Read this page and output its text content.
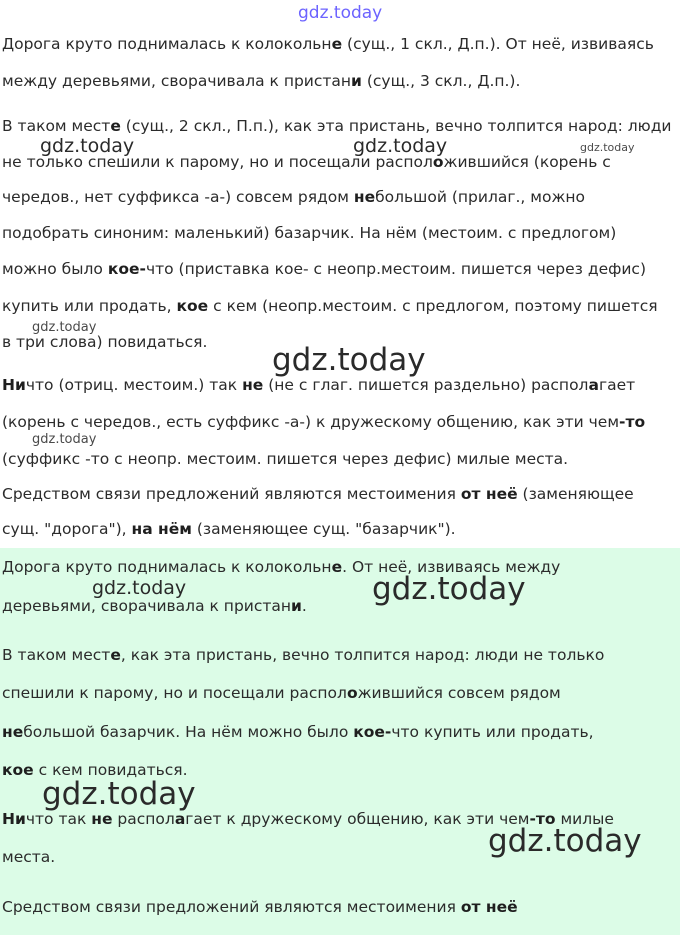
Дорога круто поднималась к колокольне (сущ., 1 скл., Д.п.). От неё, извиваясь
между деревьями, сворачивала к пристани (сущ., 3 скл., Д.п.).
В таком месте (сущ., 2 скл., П.п.), как эта пристань, вечно толпится народ: люди
не только спешили к парому, но и посещали расположившийся (корень с
чередов., нет суффикса -а-) совсем рядом небольшой (прилаг., можно
подобрать синоним: маленький) базарчик. На нём (местоим. с предлогом)
можно было кое-что (приставка кое- с неопр.местоим. пишется через дефис)
купить или продать, кое с кем (неопр.местоим. с предлогом, поэтому пишется
в три слова) повидаться.
Ничто (отриц. местоим.) так не (не с глаг. пишется раздельно) располагает
(корень с чередов., есть суффикс -а-) к дружескому общению, как эти чем-то
(суффикс -то с неопр. местоим. пишется через дефис) милые места.
Средством связи предложений являются местоимения от неё (заменяющее
сущ. "дорога"), на нём (заменяющее сущ. "базарчик").
Дорога круто поднималась к колокольне. От неё, извиваясь между
деревьями, сворачивала к пристани.
В таком месте, как эта пристань, вечно толпится народ: люди не только
спешили к парому, но и посещали расположившийся совсем рядом
небольшой базарчик. На нём можно было кое-что купить или продать,
кое с кем повидаться.
Ничто так не располагает к дружескому общению, как эти чем-то милые
места.
Средством связи предложений являются местоимения от неё
gdz.today
gdz.today	gdz.today	gdz.today
gdz.today
gdz.today
gdz.today
gdz.today	gdz.today
gdz.today
gdz.today
